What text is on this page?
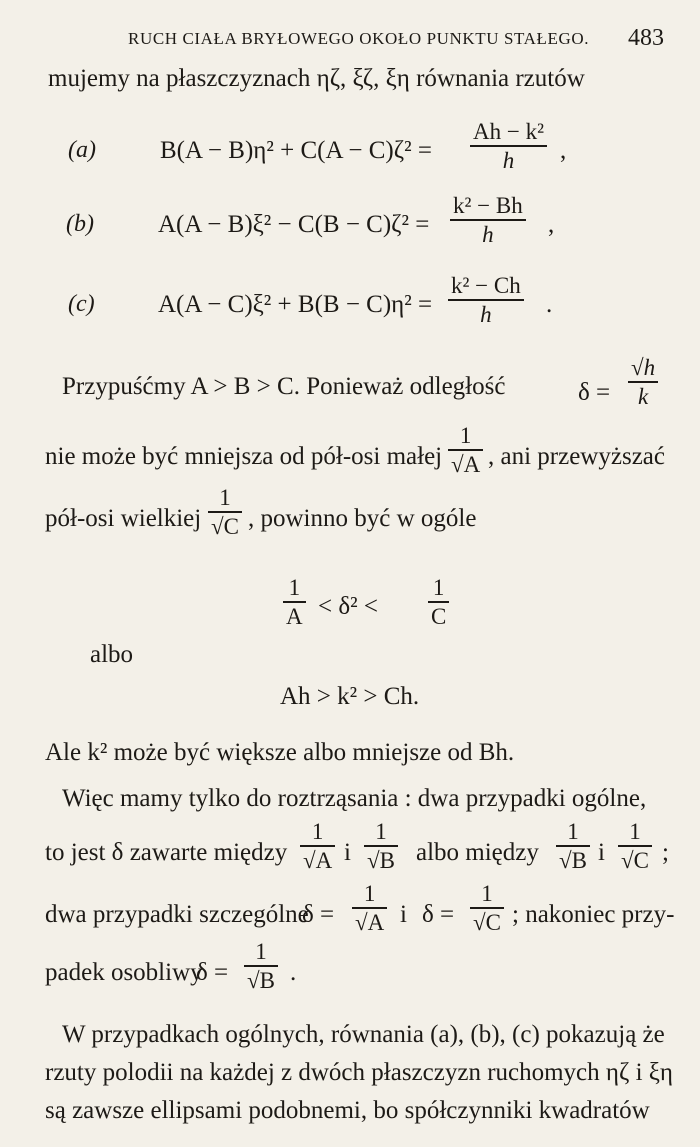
RUCH CIAŁA BRYŁOWEGO OKOŁO PUNKTU STAŁEGO. 483
mujemy na płaszczyznach ηζ, ξζ, ξη równania rzutów
(a)	B(A − B)η² + C(A − C)ζ² =
Ah − k²
h ,
(b)	A(A − B)ξ² − C(B − C)ζ² =
k² − Bh
h ,
(c)	A(A − C)ξ² + B(B − C)η² =
k² − Ch
h .
Przypuśćmy A > B > C. Ponieważ odległość	δ =
√h
k
nie może być mniejsza od pół-osi małej
1
√A , ani przewyższać
pół-osi wielkiej
1
√C , powinno być w ogóle
1
A < δ² <
1
C
albo
Ah > k² > Ch.
Ale k² może być większe albo mniejsze od Bh.
Więc mamy tylko do roztrząsania : dwa przypadki ogólne,
to jest δ zawarte między
1
√A i
1
√B albo między
1
√B i
1
√C ;
dwa przypadki szczególne
δ =
1
√A i δ =
1
√C ; nakoniec przy-
padek osobliwy
δ =
1
√B .
W przypadkach ogólnych, równania (a), (b), (c) pokazują że
rzuty polodii na każdej z dwóch płaszczyzn ruchomych ηζ i ξη
są zawsze ellipsami podobnemi, bo spółczynniki kwadratów
